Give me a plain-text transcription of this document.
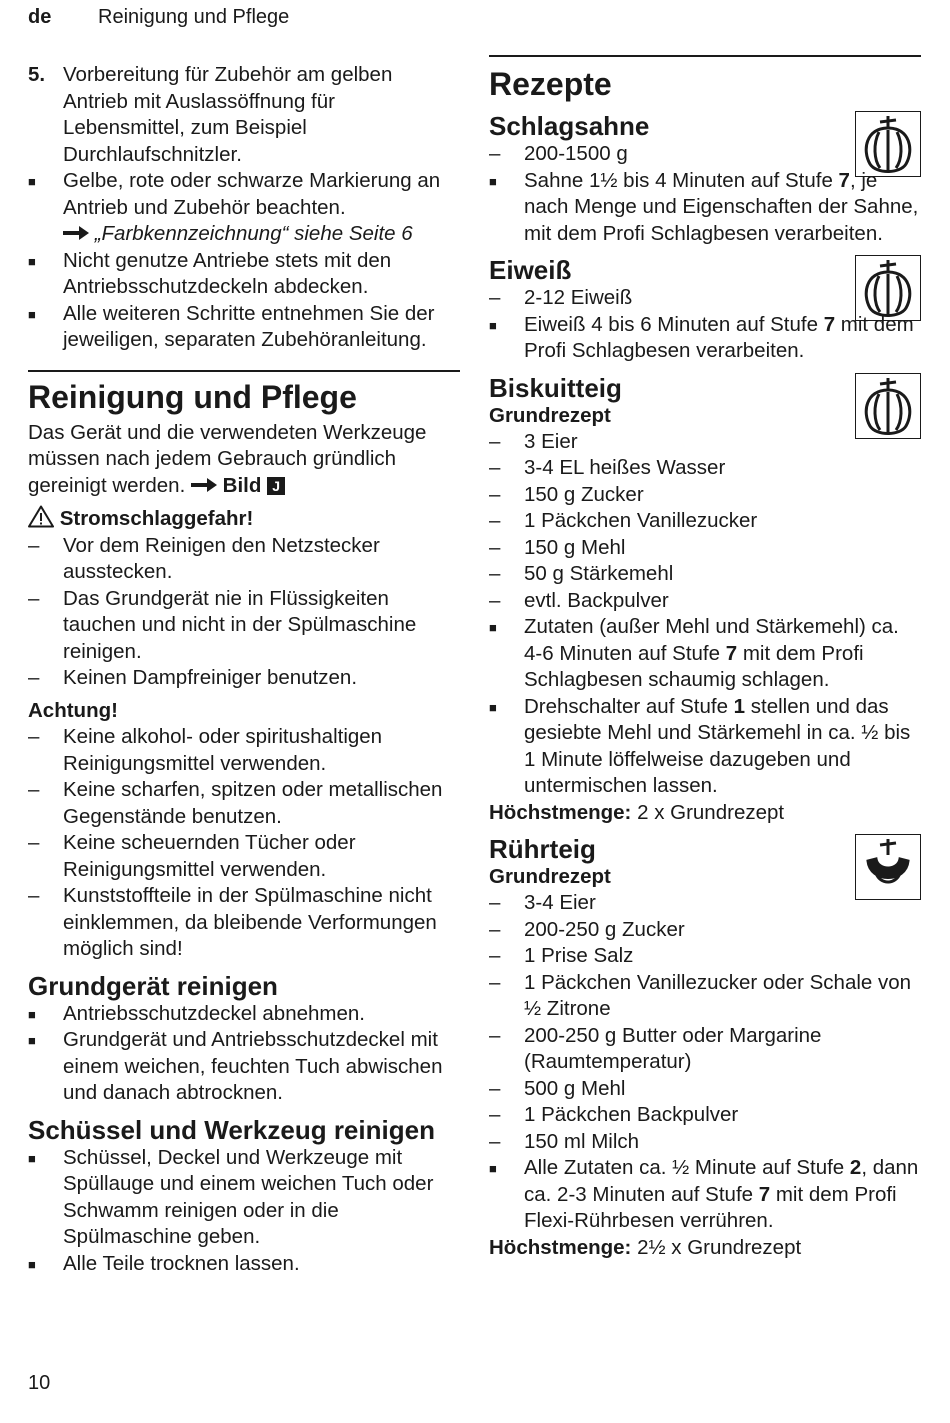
de Reinigung und Pflege
5. Vorbereitung für Zubehör am gelben Antrieb mit Auslassöffnung für Lebensmittel, zum Beispiel Durchlaufschnitzler.
■ Gelbe, rote oder schwarze Markierung an Antrieb und Zubehör beachten.
„Farbkennzeichnung“ siehe Seite 6
■ Nicht genutze Antriebe stets mit den Antriebsschutzdeckeln abdecken.
■ Alle weiteren Schritte entnehmen Sie der jeweiligen, separaten Zubehöranleitung.
Reinigung und Pflege
Das Gerät und die verwendeten Werkzeuge müssen nach jedem Gebrauch gründlich gereinigt werden. Bild J
Stromschlaggefahr!
– Vor dem Reinigen den Netzstecker ausstecken.
– Das Grundgerät nie in Flüssigkeiten tauchen und nicht in der Spülmaschine reinigen.
– Keinen Dampfreiniger benutzen.
Achtung!
– Keine alkohol- oder spiritushaltigen Reinigungsmittel verwenden.
– Keine scharfen, spitzen oder metallischen Gegenstände benutzen.
– Keine scheuernden Tücher oder Reinigungsmittel verwenden.
– Kunststoffteile in der Spülmaschine nicht einklemmen, da bleibende Verformungen möglich sind!
Grundgerät reinigen
■ Antriebsschutzdeckel abnehmen.
■ Grundgerät und Antriebsschutzdeckel mit einem weichen, feuchten Tuch abwischen und danach abtrocknen.
Schüssel und Werkzeug reinigen
■ Schüssel, Deckel und Werkzeuge mit Spüllauge und einem weichen Tuch oder Schwamm reinigen oder in die Spülmaschine geben.
■ Alle Teile trocknen lassen.
Rezepte
Schlagsahne
– 200-1500 g
■ Sahne 1½ bis 4 Minuten auf Stufe 7, je nach Menge und Eigenschaften der Sahne, mit dem Profi Schlagbesen verarbeiten.
Eiweiß
– 2-12 Eiweiß
■ Eiweiß 4 bis 6 Minuten auf Stufe 7 mit dem Profi Schlagbesen verarbeiten.
Biskuitteig
Grundrezept
– 3 Eier
– 3-4 EL heißes Wasser
– 150 g Zucker
– 1 Päckchen Vanillezucker
– 150 g Mehl
– 50 g Stärkemehl
– evtl. Backpulver
■ Zutaten (außer Mehl und Stärkemehl) ca. 4-6 Minuten auf Stufe 7 mit dem Profi Schlagbesen schaumig schlagen.
■ Drehschalter auf Stufe 1 stellen und das gesiebte Mehl und Stärkemehl in ca. ½ bis 1 Minute löffelweise dazugeben und untermischen lassen.
Höchstmenge: 2 x Grundrezept
Rührteig
Grundrezept
– 3-4 Eier
– 200-250 g Zucker
– 1 Prise Salz
– 1 Päckchen Vanillezucker oder Schale von ½ Zitrone
– 200-250 g Butter oder Margarine (Raumtemperatur)
– 500 g Mehl
– 1 Päckchen Backpulver
– 150 ml Milch
■ Alle Zutaten ca. ½ Minute auf Stufe 2, dann ca. 2-3 Minuten auf Stufe 7 mit dem Profi Flexi-Rührbesen verrühren.
Höchstmenge: 2½ x Grundrezept
10
